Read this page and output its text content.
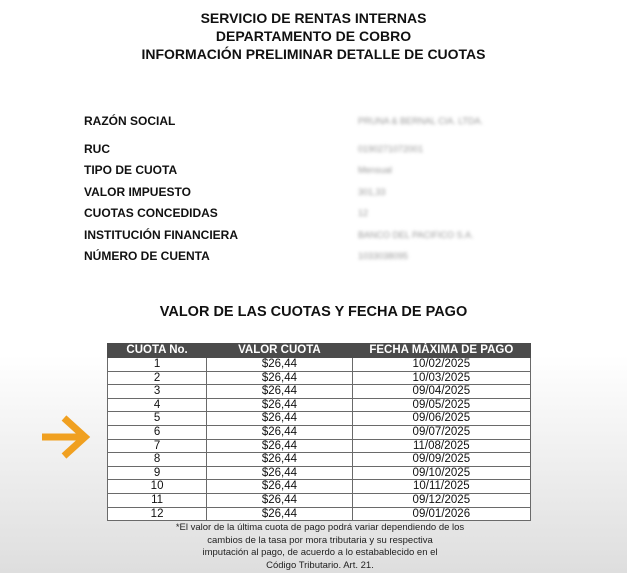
SERVICIO DE RENTAS INTERNAS
DEPARTAMENTO DE COBRO
INFORMACIÓN PRELIMINAR DETALLE DE CUOTAS
RAZÓN SOCIAL	PRUNA & BERNAL CIA. LTDA.
RUC	0190271072001
TIPO DE CUOTA	Mensual
VALOR IMPUESTO	301,33
CUOTAS CONCEDIDAS	12
INSTITUCIÓN FINANCIERA	BANCO DEL PACIFICO S.A.
NÚMERO DE CUENTA	1033038095
VALOR DE LAS CUOTAS Y FECHA DE PAGO
CUOTA No.	VALOR CUOTA	FECHA MÁXIMA DE PAGO
1	$26,44	10/02/2025
2	$26,44	10/03/2025
3	$26,44	09/04/2025
4	$26,44	09/05/2025
5	$26,44	09/06/2025
6	$26,44	09/07/2025
7	$26,44	11/08/2025
8	$26,44	09/09/2025
9	$26,44	09/10/2025
10	$26,44	10/11/2025
11	$26,44	09/12/2025
12	$26,44	09/01/2026
*El valor de la última cuota de pago podrá variar dependiendo de los
cambios de la tasa por mora tributaria y su respectiva
imputación al pago, de acuerdo a lo estabablecido en el
Código Tributario. Art. 21.
